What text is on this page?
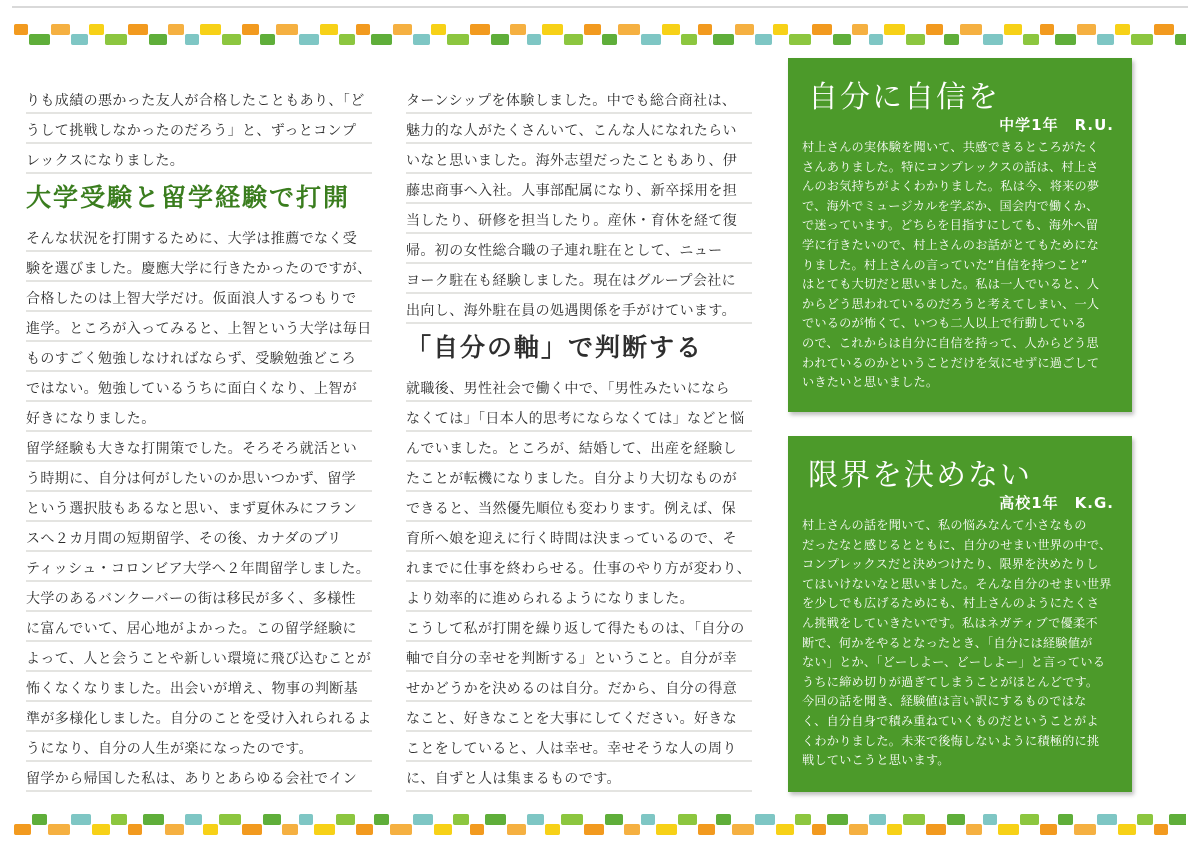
りも成績の悪かった友人が合格したこともあり、「ど
うして挑戦しなかったのだろう」と、ずっとコンプ
レックスになりました。
大学受験と留学経験で打開
そんな状況を打開するために、大学は推薦でなく受
験を選びました。慶應大学に行きたかったのですが、
合格したのは上智大学だけ。仮面浪人するつもりで
進学。ところが入ってみると、上智という大学は毎日
ものすごく勉強しなければならず、受験勉強どころ
ではない。勉強しているうちに面白くなり、上智が
好きになりました。
留学経験も大きな打開策でした。そろそろ就活とい
う時期に、自分は何がしたいのか思いつかず、留学
という選択肢もあるなと思い、まず夏休みにフラン
スへ２カ月間の短期留学、その後、カナダのブリ
ティッシュ・コロンビア大学へ２年間留学しました。
大学のあるバンクーバーの街は移民が多く、多様性
に富んでいて、居心地がよかった。この留学経験に
よって、人と会うことや新しい環境に飛び込むことが
怖くなくなりました。出会いが増え、物事の判断基
準が多様化しました。自分のことを受け入れられるよ
うになり、自分の人生が楽になったのです。
留学から帰国した私は、ありとあらゆる会社でイン
ターンシップを体験しました。中でも総合商社は、
魅力的な人がたくさんいて、こんな人になれたらい
いなと思いました。海外志望だったこともあり、伊
藤忠商事へ入社。人事部配属になり、新卒採用を担
当したり、研修を担当したり。産休・育休を経て復
帰。初の女性総合職の子連れ駐在として、ニュー
ヨーク駐在も経験しました。現在はグループ会社に
出向し、海外駐在員の処遇関係を手がけています。
「自分の軸」で判断する
就職後、男性社会で働く中で、「男性みたいになら
なくては」「日本人的思考にならなくては」などと悩
んでいました。ところが、結婚して、出産を経験し
たことが転機になりました。自分より大切なものが
できると、当然優先順位も変わります。例えば、保
育所へ娘を迎えに行く時間は決まっているので、そ
れまでに仕事を終わらせる。仕事のやり方が変わり、
より効率的に進められるようになりました。
こうして私が打開を繰り返して得たものは、「自分の
軸で自分の幸せを判断する」ということ。自分が幸
せかどうかを決めるのは自分。だから、自分の得意
なこと、好きなことを大事にしてください。好きな
ことをしていると、人は幸せ。幸せそうな人の周り
に、自ずと人は集まるものです。
自分に自信を
中学1年　R.U.
村上さんの実体験を聞いて、共感できるところがたく
さんありました。特にコンプレックスの話は、村上さ
んのお気持ちがよくわかりました。私は今、将来の夢
で、海外でミュージカルを学ぶか、国会内で働くか、
で迷っています。どちらを目指すにしても、海外へ留
学に行きたいので、村上さんのお話がとてもためにな
りました。村上さんの言っていた“自信を持つこと”
はとても大切だと思いました。私は一人でいると、人
からどう思われているのだろうと考えてしまい、一人
でいるのが怖くて、いつも二人以上で行動している
ので、これからは自分に自信を持って、人からどう思
われているのかということだけを気にせずに過ごして
いきたいと思いました。
限界を決めない
高校1年　K.G.
村上さんの話を聞いて、私の悩みなんて小さなもの
だったなと感じるとともに、自分のせまい世界の中で、
コンプレックスだと決めつけたり、限界を決めたりし
てはいけないなと思いました。そんな自分のせまい世界
を少しでも広げるためにも、村上さんのようにたくさ
ん挑戦をしていきたいです。私はネガティブで優柔不
断で、何かをやるとなったとき、「自分には経験値が
ない」とか、「どーしよー、どーしよー」と言っている
うちに締め切りが過ぎてしまうことがほとんどです。
今回の話を聞き、経験値は言い訳にするものではな
く、自分自身で積み重ねていくものだということがよ
くわかりました。未来で後悔しないように積極的に挑
戦していこうと思います。
